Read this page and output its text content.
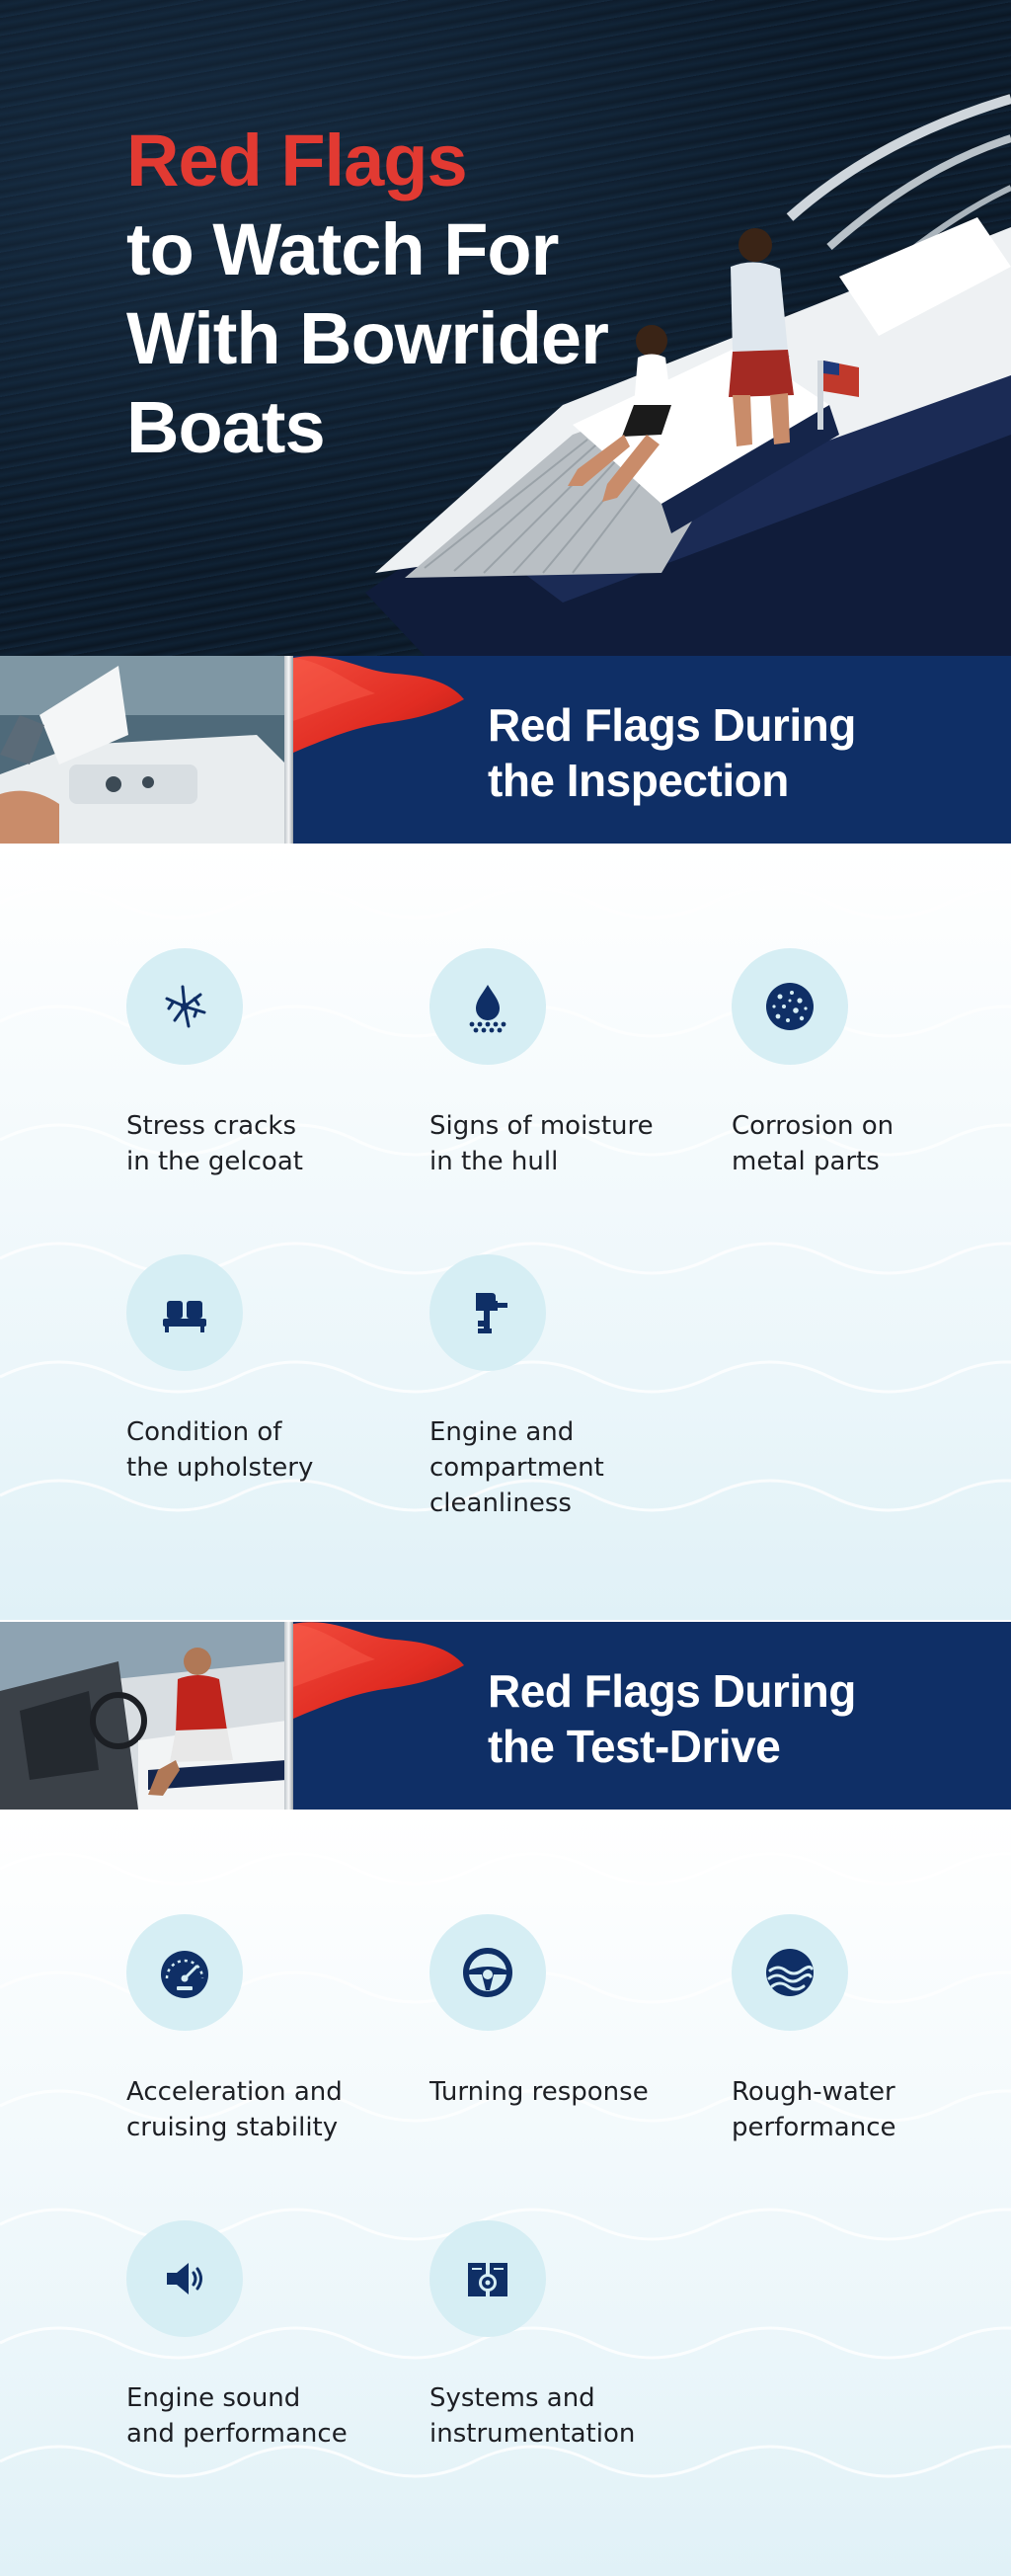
Red Flags
to Watch For
With Bowrider
Boats
Red Flags During
the Inspection
Stress cracks
in the gelcoat
Signs of moisture
in the hull
Corrosion on
metal parts
Condition of
the upholstery
Engine and
compartment
cleanliness
Red Flags During
the Test-Drive
Acceleration and
cruising stability
Turning response	Rough-water
performance
Engine sound
and performance
Systems and
instrumentation
